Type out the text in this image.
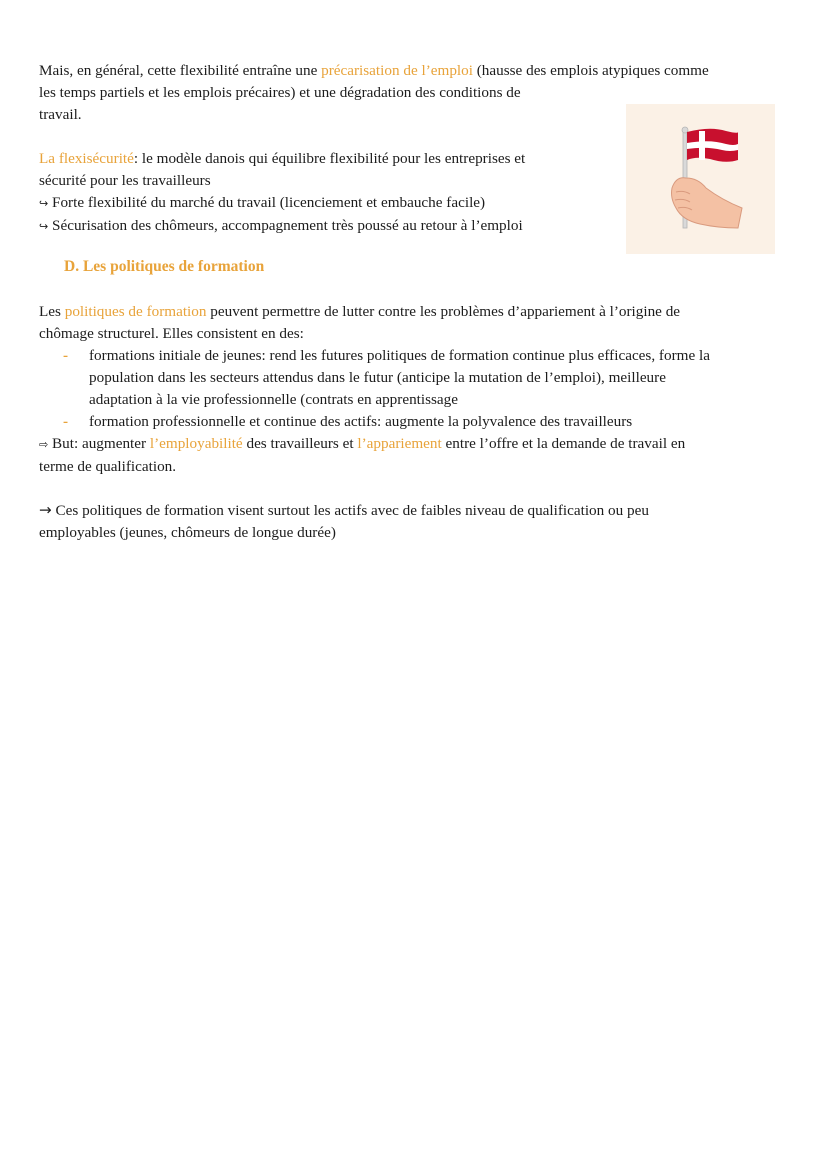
Mais, en général, cette flexibilité entraîne une précarisation de l’emploi (hausse des emplois atypiques comme

les temps partiels et les emplois précaires) et une dégradation des conditions de

travail.

La flexisécurité: le modèle danois qui équilibre flexibilité pour les entreprises et

sécurité pour les travailleurs

↪ Forte flexibilité du marché du travail (licenciement et embauche facile)

↪ Sécurisation des chômeurs, accompagnement très poussé au retour à l’emploi

D. Les politiques de formation

Les politiques de formation peuvent permettre de lutter contre les problèmes d’appariement à l’origine de

chômage structurel. Elles consistent en des:

- formations initiale de jeunes: rend les futures politiques de formation continue plus efficaces, forme la
population dans les secteurs attendus dans le futur (anticipe la mutation de l’emploi), meilleure
adaptation à la vie professionnelle (contrats en apprentissage
- formation professionnelle et continue des actifs: augmente la polyvalence des travailleurs

⇨ But: augmenter l’employabilité des travailleurs et l’appariement entre l’offre et la demande de travail en

terme de qualification.

→ Ces politiques de formation visent surtout les actifs avec de faibles niveau de qualification ou peu

employables (jeunes, chômeurs de longue durée)
